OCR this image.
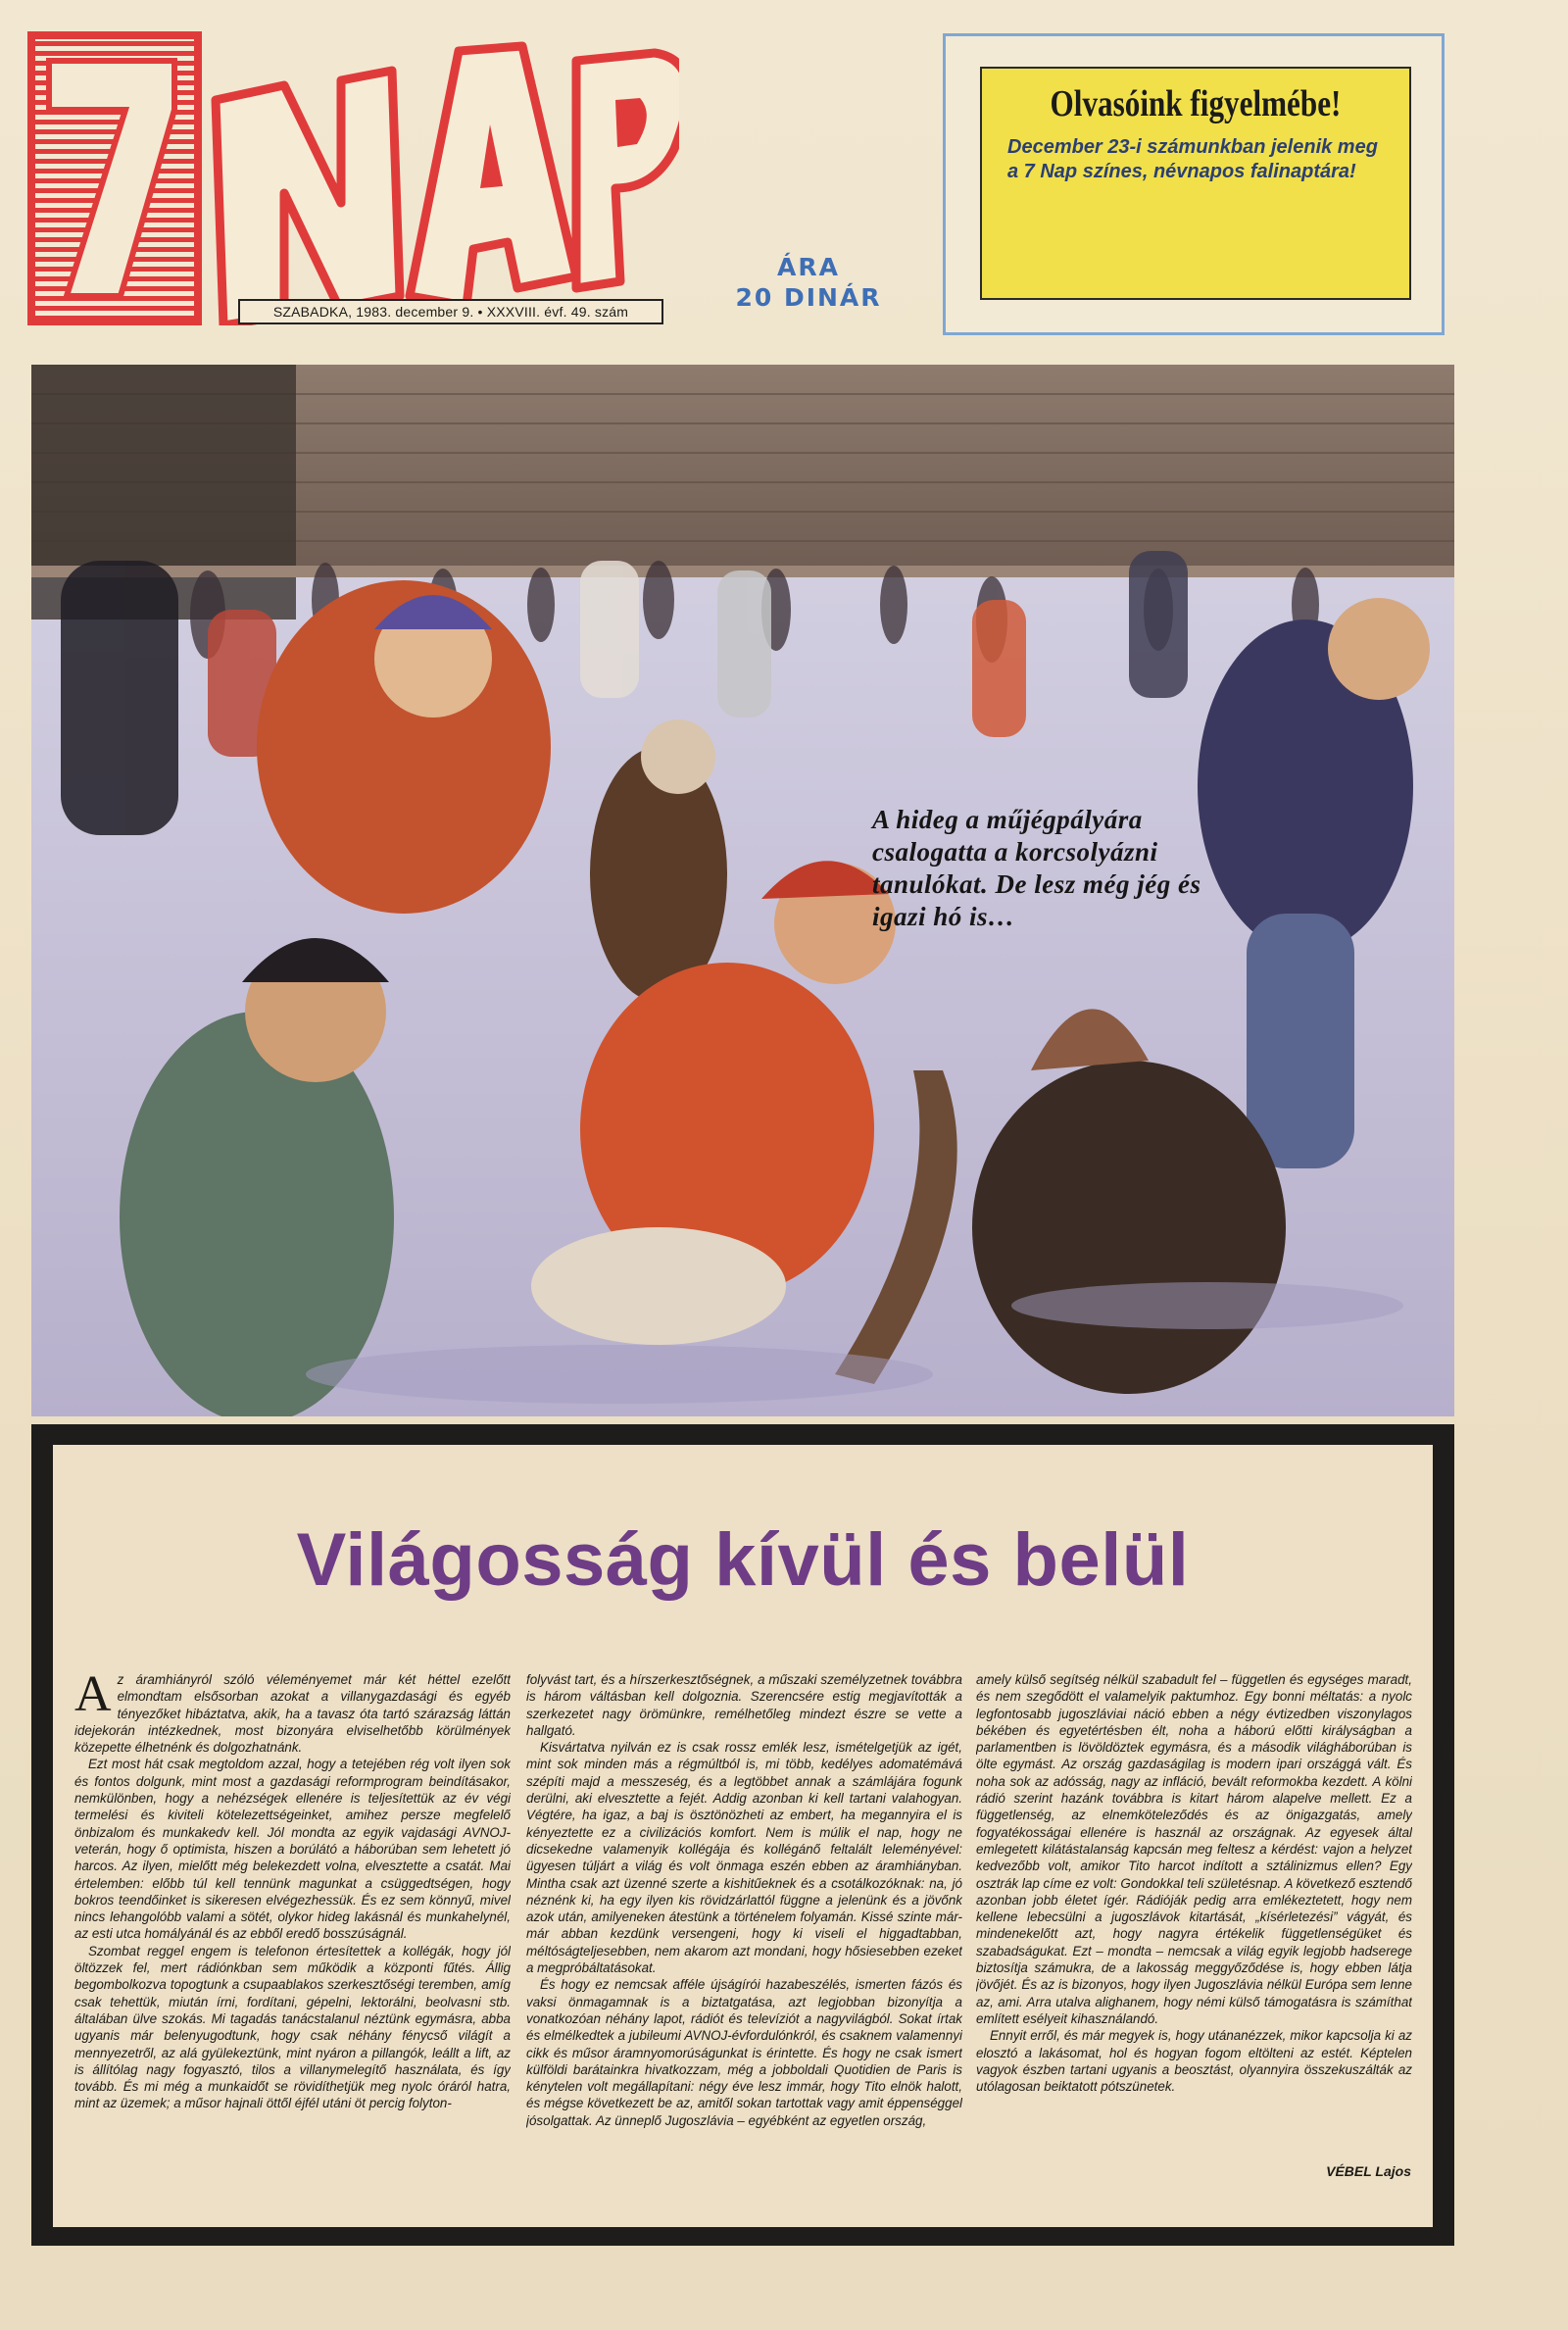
SZABADKA, 1983. december 9. • XXXVIII. évf. 49. szám
ÁRA
20 DINÁR
Olvasóink figyelmébe!
December 23-i számunkban jelenik meg a 7 Nap színes, névnapos falinaptára!
A hideg a műjégpályára csalogatta a korcsolyázni tanulókat. De lesz még jég és igazi hó is…
Világosság kívül és belül
A z áramhiányról szóló véleményemet már két héttel ezelőtt elmondtam elsősorban azokat a villanygazdasági és egyéb tényezőket hibáztatva, akik, ha a tavasz óta tartó szárazság láttán idejekorán intézkednek, most bizonyára elviselhetőbb körülmények közepette élhetnénk és dolgozhatnánk.

Ezt most hát csak megtoldom azzal, hogy a tetejében rég volt ilyen sok és fontos dolgunk, mint most a gazdasági reformprogram beindításakor, nemkülönben, hogy a nehézségek ellenére is teljesítettük az év végi termelési és kiviteli kötelezettségeinket, amihez persze megfelelő önbizalom és munkakedv kell. Jól mondta az egyik vajdasági AVNOJ-veterán, hogy ő optimista, hiszen a borúlátó a háborúban sem lehetett jó harcos. Az ilyen, mielőtt még belekezdett volna, elvesztette a csatát. Mai értelemben: előbb túl kell tennünk magunkat a csüggedtségen, hogy bokros teendőinket is sikeresen elvégezhessük. És ez sem könnyű, mivel nincs lehangolóbb valami a sötét, olykor hideg lakásnál és munkahelynél, az esti utca homályánál és az ebből eredő bosszúságnál.

Szombat reggel engem is telefonon értesítettek a kollégák, hogy jól öltözzek fel, mert rádiónkban sem működik a központi fűtés. Állig begombolkozva topogtunk a csupaablakos szerkesztőségi teremben, amíg csak tehettük, miután írni, fordítani, gépelni, lektorálni, beolvasni stb. általában ülve szokás. Mi tagadás tanácstalanul néztünk egymásra, abba ugyanis már belenyugodtunk, hogy csak néhány fénycső világít a mennyezetről, az alá gyülekeztünk, mint nyáron a pillangók, leállt a lift, az is állítólag nagy fogyasztó, tilos a villanymelegítő használata, és így tovább. És mi még a munkaidőt se rövidíthetjük meg nyolc óráról hatra, mint az üzemek; a műsor hajnali öttől éjfél utáni öt percig folyton-

folyvást tart, és a hírszerkesztőségnek, a műszaki személyzetnek továbbra is három váltásban kell dolgoznia. Szerencsére estig megjavították a szerkezetet nagy örömünkre, remélhetőleg mindezt észre se vette a hallgató.

Kisvártatva nyilván ez is csak rossz emlék lesz, ismételgetjük az igét, mint sok minden más a régmúltból is, mi több, kedélyes adomatémává szépíti majd a messzeség, és a legtöbbet annak a számlájára fogunk derülni, aki elvesztette a fejét. Addig azonban ki kell tartani valahogyan. Végtére, ha igaz, a baj is ösztönözheti az embert, ha megannyira el is kényeztette ez a civilizációs komfort. Nem is múlik el nap, hogy ne dicsekedne valamenyik kollégája és kollégánő feltalált leleményével: ügyesen túljárt a világ és volt önmaga eszén ebben az áramhiányban. Mintha csak azt üzenné szerte a kishitűeknek és a csotálkozóknak: na, jó néznénk ki, ha egy ilyen kis rövidzárlattól függne a jelenünk és a jövőnk azok után, amilyeneken átestünk a történelem folyamán. Kissé szinte már-már abban kezdünk versengeni, hogy ki viseli el higgadtabban, méltóságteljesebben, nem akarom azt mondani, hogy hősiesebben ezeket a megpróbáltatásokat.

És hogy ez nemcsak afféle újságírói hazabeszélés, ismerten fázós és vaksi önmagamnak is a biztatgatása, azt legjobban bizonyítja a vonatkozóan néhány lapot, rádiót és televíziót a nagyvilágból. Sokat írtak és elmélkedtek a jubileumi AVNOJ-évfordulónkról, és csaknem valamennyi cikk és műsor áramnyomorúságunkat is érintette. És hogy ne csak ismert külföldi barátainkra hivatkozzam, még a jobboldali Quotidien de Paris is kénytelen volt megállapítani: négy éve lesz immár, hogy Tito elnök halott, és mégse következett be az, amitől sokan tartottak vagy amit éppenséggel jósolgattak. Az ünneplő Jugoszlávia – egyébként az egyetlen ország,

amely külső segítség nélkül szabadult fel – független és egységes maradt, és nem szegődött el valamelyik paktumhoz. Egy bonni méltatás: a nyolc legfontosabb jugoszláviai náció ebben a négy évtizedben viszonylagos békében és egyetértésben élt, noha a háború előtti királyságban a parlamentben is lövöldöztek egymásra, és a második világháborúban is ölte egymást. Az ország gazdaságilag is modern ipari országgá vált. És noha sok az adósság, nagy az infláció, bevált reformokba kezdett. A kölni rádió szerint hazánk továbbra is kitart három alapelve mellett. Ez a függetlenség, az elnemköteleződés és az önigazgatás, amely fogyatékosságai ellenére is használ az országnak. Az egyesek által emlegetett kilátástalanság kapcsán meg feltesz a kérdést: vajon a helyzet kedvezőbb volt, amikor Tito harcot indított a sztálinizmus ellen? Egy osztrák lap címe ez volt: Gondokkal teli születésnap. A következő esztendő azonban jobb életet ígér. Rádióják pedig arra emlékeztetett, hogy nem kellene lebecsülni a jugoszlávok kitartását, „kísérletezési” vágyát, és mindenekelőtt azt, hogy nagyra értékelik függetlenségüket és szabadságukat. Ezt – mondta – nemcsak a világ egyik legjobb hadserege biztosítja számukra, de a lakosság meggyőződése is, hogy ebben látja jövőjét. És az is bizonyos, hogy ilyen Jugoszlávia nélkül Európa sem lenne az, ami. Arra utalva alighanem, hogy némi külső támogatásra is számíthat említett esélyeit kihasználandó.

Ennyit erről, és már megyek is, hogy utánanézzek, mikor kapcsolja ki az elosztó a lakásomat, hol és hogyan fogom eltölteni az estét. Képtelen vagyok észben tartani ugyanis a beosztást, olyannyira összekuszálták az utólagosan beiktatott pótszünetek.

VÉBEL Lajos
